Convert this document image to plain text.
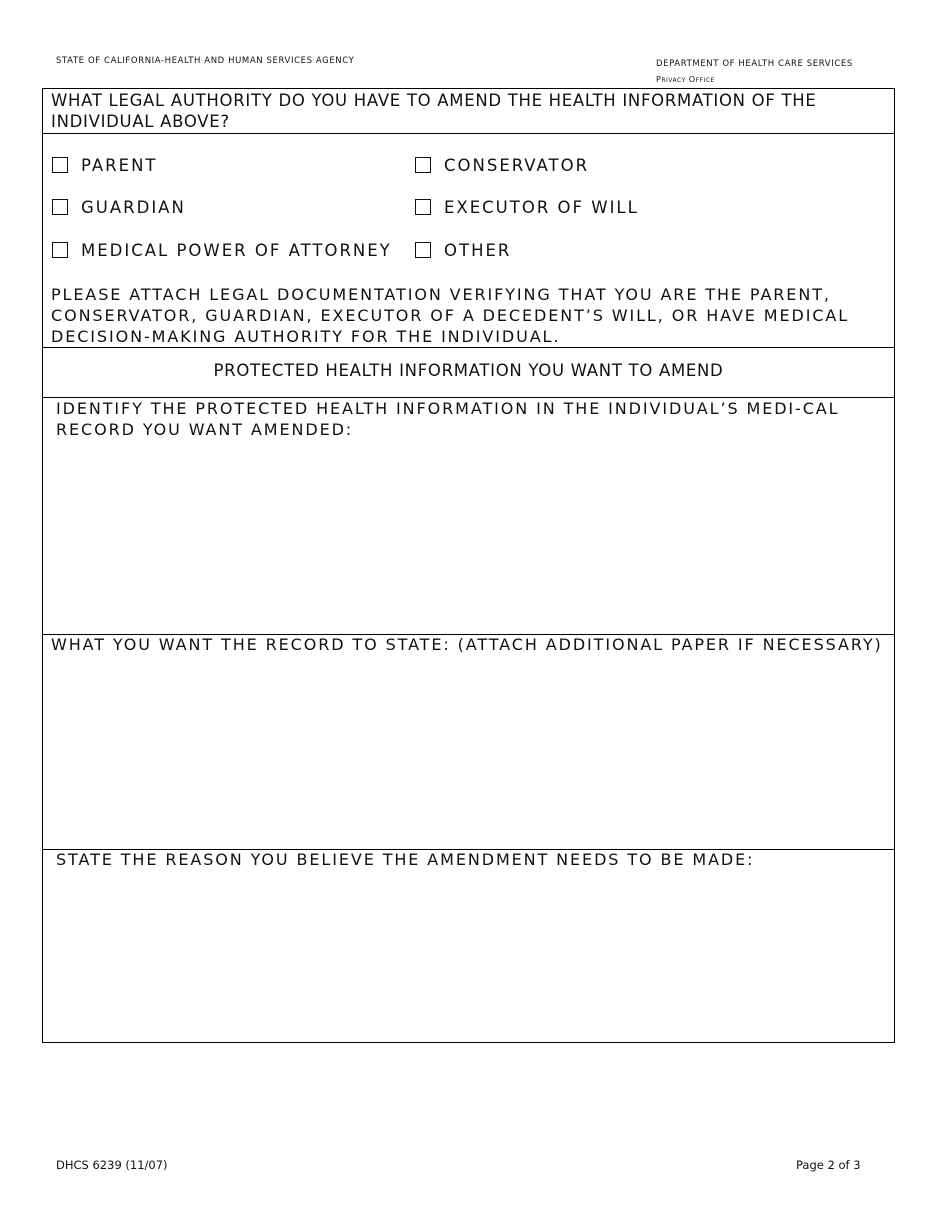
STATE OF CALIFORNIA-HEALTH AND HUMAN SERVICES AGENCY	DEPARTMENT OF HEALTH CARE SERVICES
Privacy Office
WHAT LEGAL AUTHORITY DO YOU HAVE TO AMEND THE HEALTH INFORMATION OF THE INDIVIDUAL ABOVE?
PARENT	CONSERVATOR
GUARDIAN	EXECUTOR OF WILL
MEDICAL POWER OF ATTORNEY	OTHER
PLEASE ATTACH LEGAL DOCUMENTATION VERIFYING THAT YOU ARE THE PARENT, CONSERVATOR, GUARDIAN, EXECUTOR OF A DECEDENT’S WILL, OR HAVE MEDICAL DECISION-MAKING AUTHORITY FOR THE INDIVIDUAL.
PROTECTED HEALTH INFORMATION YOU WANT TO AMEND
IDENTIFY THE PROTECTED HEALTH INFORMATION IN THE INDIVIDUAL’S MEDI-CAL RECORD YOU WANT AMENDED:
WHAT YOU WANT THE RECORD TO STATE: (ATTACH ADDITIONAL PAPER IF NECESSARY)
STATE THE REASON YOU BELIEVE THE AMENDMENT NEEDS TO BE MADE:
DHCS 6239 (11/07)	Page 2 of 3
